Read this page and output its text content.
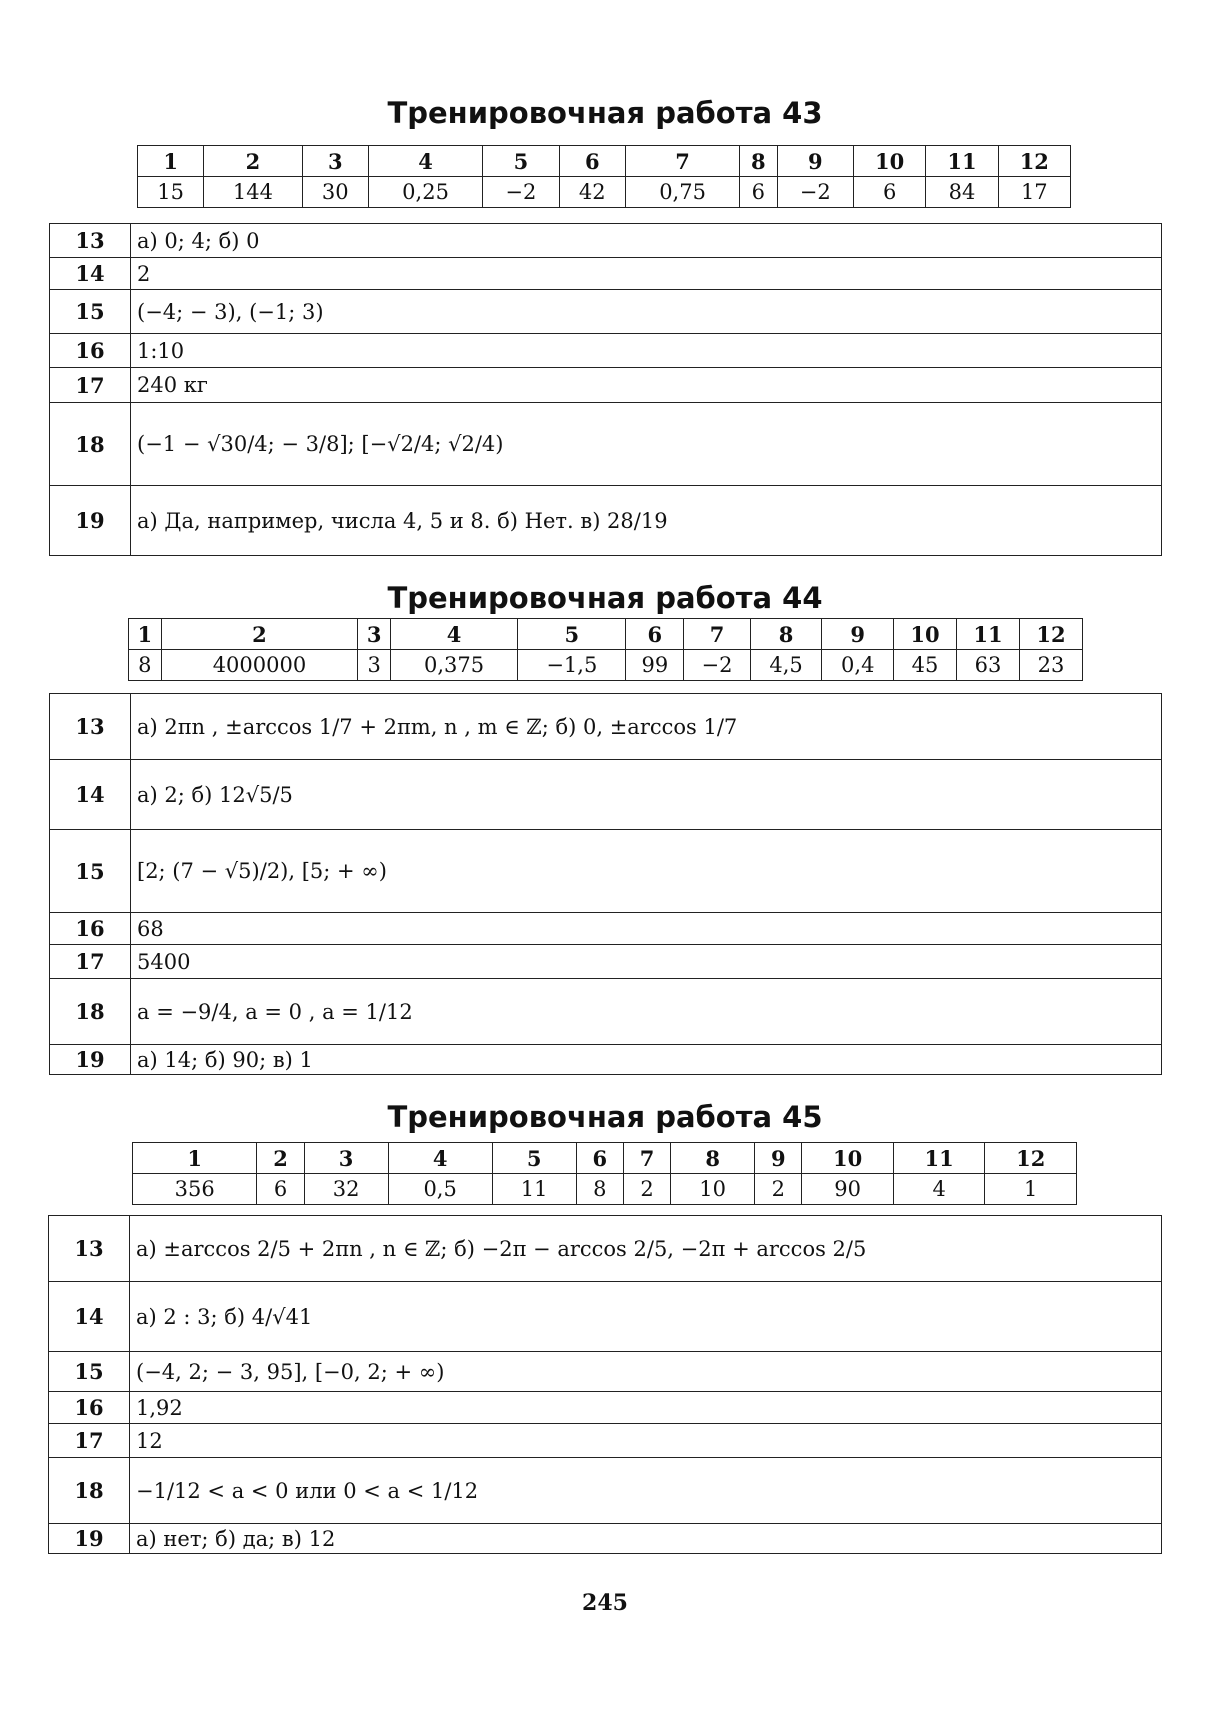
Тренировочная работа 43
1	2	3	4	5	6	7	8	9	10	11	12
15	144	30	0,25	−2	42	0,75	6	−2	6	84	17
13	а) 0; 4; б) 0
14	2
15	(−4; − 3), (−1; 3)
16	1:10
17	240 кг
18	(−1 − √30/4; − 3/8]; [−√2/4; √2/4)
19	а) Да, например, числа 4, 5 и 8. б) Нет. в) 28/19
Тренировочная работа 44
1	2	3	4	5	6	7	8	9	10	11	12
8	4000000	3	0,375	−1,5	99	−2	4,5	0,4	45	63	23
13	а) 2πn , ±arccos 1/7 + 2πm, n , m ∈ ℤ; б) 0, ±arccos 1/7
14	а) 2; б) 12√5/5
15	[2; (7 − √5)/2), [5; + ∞)
16	68
17	5400
18	a = −9/4, a = 0 , a = 1/12
19	а) 14; б) 90; в) 1
Тренировочная работа 45
1	2	3	4	5	6	7	8	9	10	11	12
356	6	32	0,5	11	8	2	10	2	90	4	1
13	а) ±arccos 2/5 + 2πn , n ∈ ℤ; б) −2π − arccos 2/5, −2π + arccos 2/5
14	а) 2 : 3; б) 4/√41
15	(−4, 2; − 3, 95], [−0, 2; + ∞)
16	1,92
17	12
18	−1/12 < a < 0 или 0 < a < 1/12
19	а) нет; б) да; в) 12
245
